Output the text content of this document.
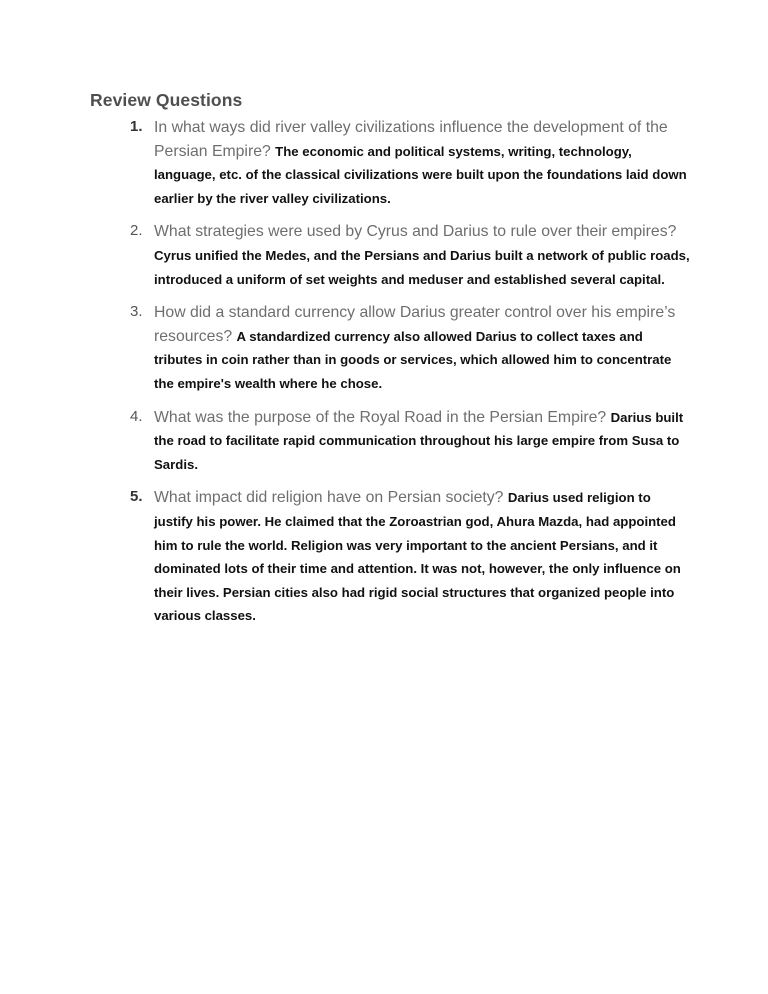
Review Questions
1. In what ways did river valley civilizations influence the development of the Persian Empire? The economic and political systems, writing, technology, language, etc. of the classical civilizations were built upon the foundations laid down earlier by the river valley civilizations.
2. What strategies were used by Cyrus and Darius to rule over their empires? Cyrus unified the Medes, and the Persians and Darius built a network of public roads, introduced a uniform of set weights and meduser and established several capital.
3. How did a standard currency allow Darius greater control over his empire’s resources? A standardized currency also allowed Darius to collect taxes and tributes in coin rather than in goods or services, which allowed him to concentrate the empire's wealth where he chose.
4. What was the purpose of the Royal Road in the Persian Empire? Darius built the road to facilitate rapid communication throughout his large empire from Susa to Sardis.
5. What impact did religion have on Persian society? Darius used religion to justify his power. He claimed that the Zoroastrian god, Ahura Mazda, had appointed him to rule the world. Religion was very important to the ancient Persians, and it dominated lots of their time and attention. It was not, however, the only influence on their lives. Persian cities also had rigid social structures that organized people into various classes.
